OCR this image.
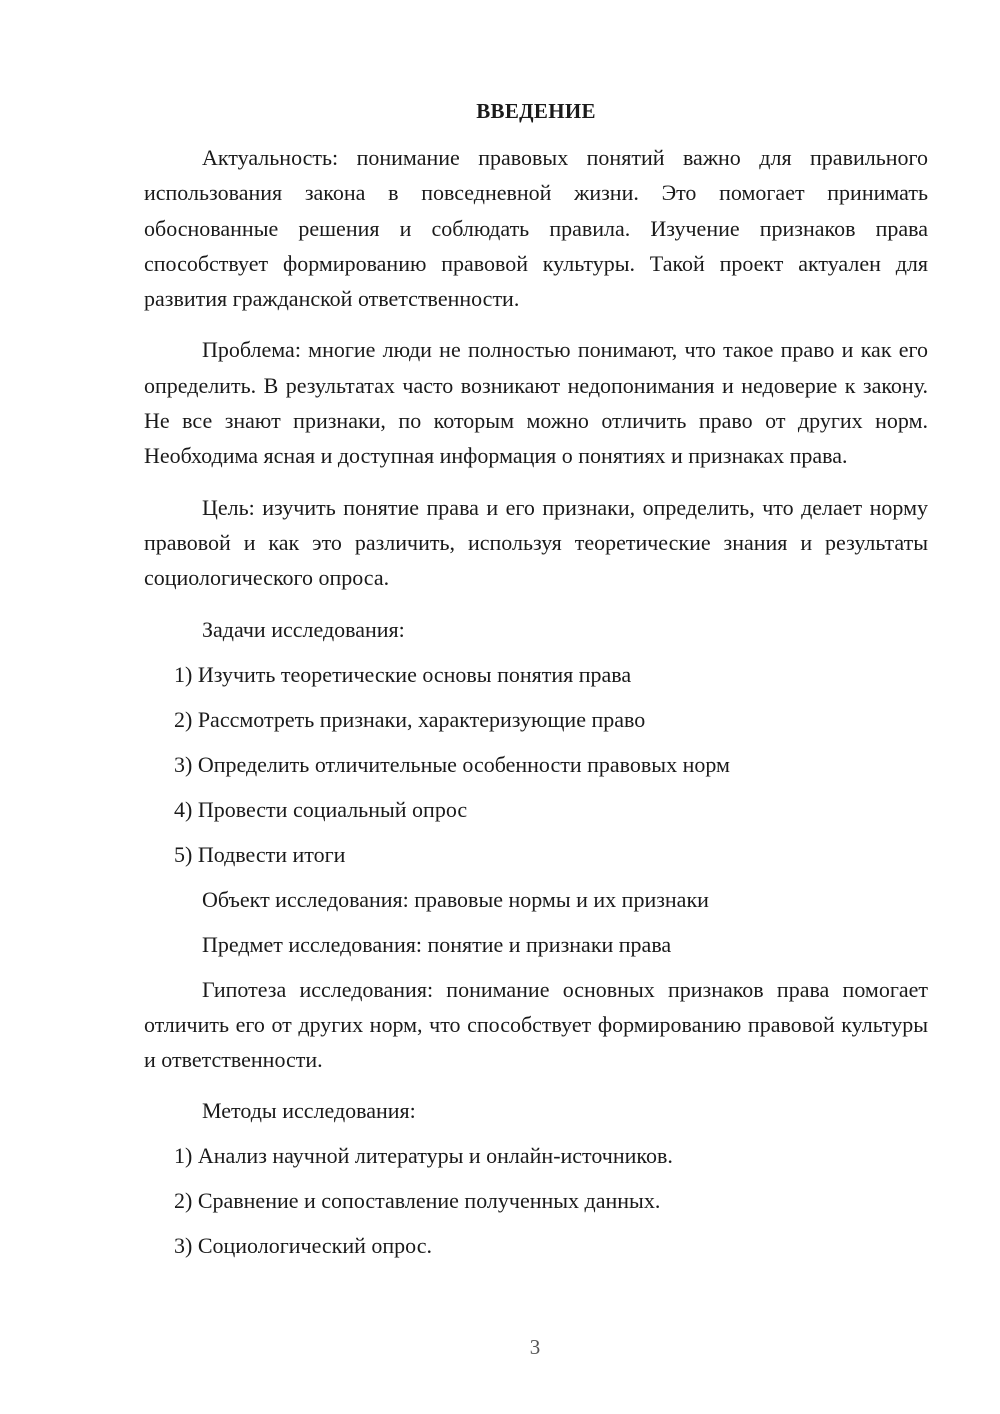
ВВЕДЕНИЕ

Актуальность: понимание правовых понятий важно для правильного использования закона в повседневной жизни. Это помогает принимать обоснованные решения и соблюдать правила. Изучение признаков права способствует формированию правовой культуры. Такой проект актуален для развития гражданской ответственности.

Проблема: многие люди не полностью понимают, что такое право и как его определить. В результатах часто возникают недопонимания и недоверие к закону. Не все знают признаки, по которым можно отличить право от других норм. Необходима ясная и доступная информация о понятиях и признаках права.

Цель: изучить понятие права и его признаки, определить, что делает норму правовой и как это различить, используя теоретические знания и результаты социологического опроса.

Задачи исследования:
1) Изучить теоретические основы понятия права
2) Рассмотреть признаки, характеризующие право
3) Определить отличительные особенности правовых норм
4) Провести социальный опрос
5) Подвести итоги
Объект исследования: правовые нормы и их признаки
Предмет исследования: понятие и признаки права

Гипотеза исследования: понимание основных признаков права помогает отличить его от других норм, что способствует формированию правовой культуры и ответственности.

Методы исследования:
1) Анализ научной литературы и онлайн-источников.
2) Сравнение и сопоставление полученных данных.
3) Социологический опрос.
3
